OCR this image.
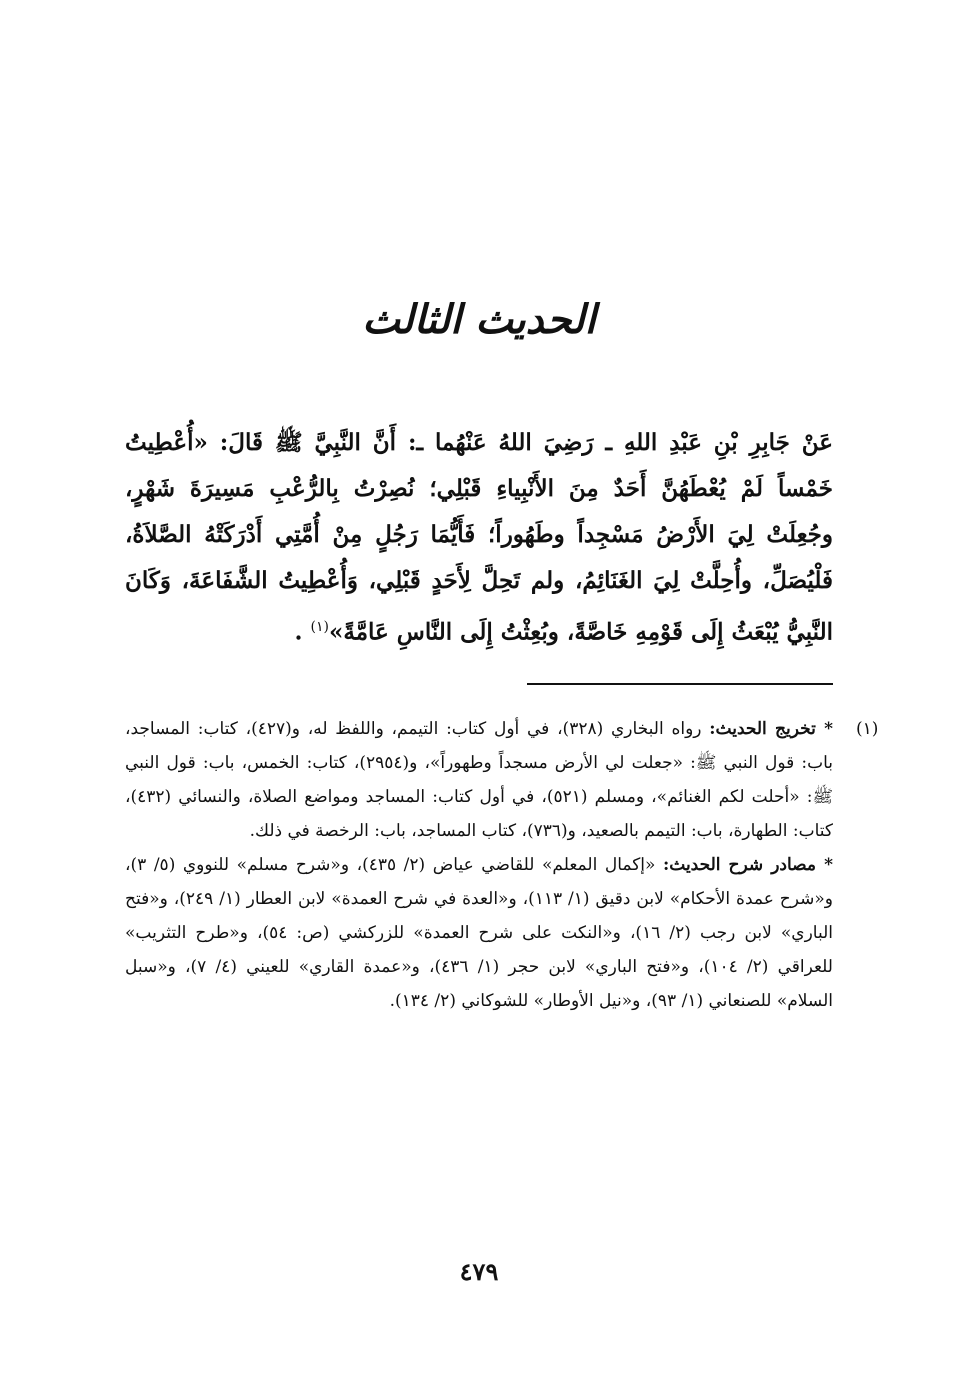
الحديث الثالث
عَنْ جَابِرِ بْنِ عَبْدِ اللهِ ـ رَضِيَ اللهُ عَنْهُما ـ: أَنَّ النَّبِيَّ ﷺ قَالَ: «أُعْطِيتُ خَمْساً لَمْ يُعْطَهُنَّ أَحَدٌ مِنَ الأَنْبِياءِ قَبْلِي؛ نُصِرْتُ بِالرُّعْبِ مَسِيرَةَ شَهْرٍ، وجُعِلَتْ لِيَ الأَرْضُ مَسْجِداً وطَهُوراً؛ فَأَيُّمَا رَجُلٍ مِنْ أُمَّتِي أَدْرَكَتْهُ الصَّلاَةُ، فَلْيُصَلِّ، وأُحِلَّتْ لِيَ الغَنَائِمُ، ولم تَحِلَّ لِأَحَدٍ قَبْلِي، وَأُعْطِيتُ الشَّفَاعَةَ، وَكَانَ النَّبِيُّ يُبْعَثُ إِلَى قَوْمِهِ خَاصَّةً، وبُعِثْتُ إِلَى النَّاسِ عَامَّةً»$^{(١)}$ .
(١)

* تخريج الحديث: رواه البخاري (٣٢٨)، في أول كتاب: التيمم، واللفظ له، و(٤٢٧)، كتاب: المساجد، باب: قول النبي ﷺ: «جعلت لي الأرض مسجداً وطهوراً»، و(٢٩٥٤)، كتاب: الخمس، باب: قول النبي ﷺ: «أحلت لكم الغنائم»، ومسلم (٥٢١)، في أول كتاب: المساجد ومواضع الصلاة، والنسائي (٤٣٢)، كتاب: الطهارة، باب: التيمم بالصعيد، و(٧٣٦)، كتاب المساجد، باب: الرخصة في ذلك.

* مصادر شرح الحديث: «إكمال المعلم» للقاضي عياض (٢/ ٤٣٥)، و«شرح مسلم» للنووي (٥/ ٣)، و«شرح عمدة الأحكام» لابن دقيق (١/ ١١٣)، و«العدة في شرح العمدة» لابن العطار (١/ ٢٤٩)، و«فتح الباري» لابن رجب (٢/ ١٦)، و«النكت على شرح العمدة» للزركشي (ص: ٥٤)، و«طرح التثريب» للعراقي (٢/ ١٠٤)، و«فتح الباري» لابن حجر (١/ ٤٣٦)، و«عمدة القاري» للعيني (٤/ ٧)، و«سبل السلام» للصنعاني (١/ ٩٣)، و«نيل الأوطار» للشوكاني (٢/ ١٣٤).

٤٧٩
